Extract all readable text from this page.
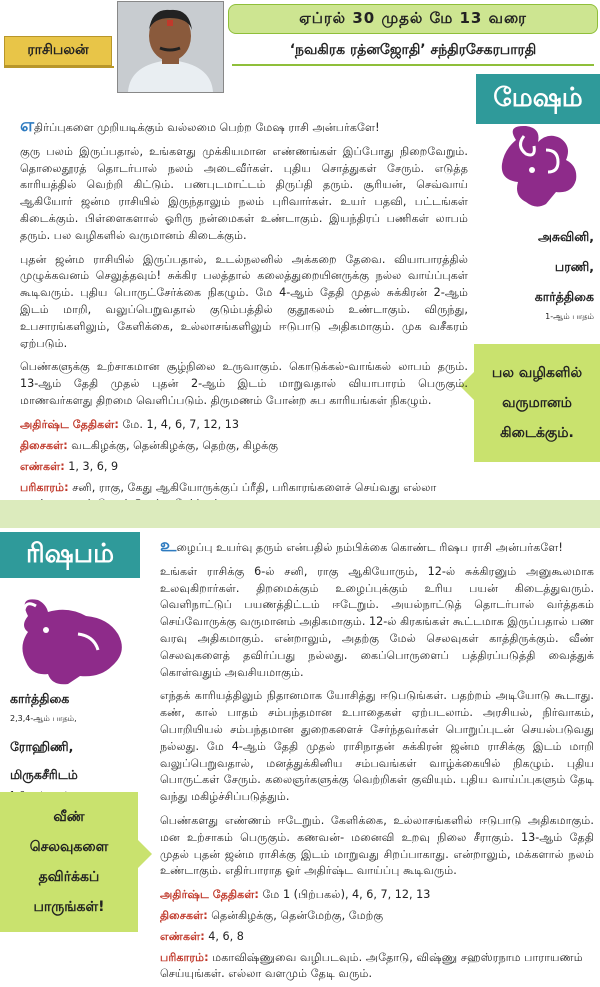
ஏப்ரல் 30 முதல் மே 13 வரை
ராசிபலன்	‘நவகிரக ரத்னஜோதி’ சந்திரசேகரபாரதி
மேஷம்
அசுவினி,
பரணி,
கார்த்திகை
1-ஆம் பாதம்
பல வழிகளில் வருமானம் கிடைக்கும்.

எதிர்ப்புகளை முறியடிக்கும் வல்லமை பெற்ற மேஷ ராசி அன்பர்களே!

குரு பலம் இருப்பதால், உங்களது முக்கியமான எண்ணங்கள் இப்போது நிறைவேறும். தொலைதூரத் தொடர்பால் நலம் அடைவீர்கள். புதிய சொத்துகள் சேரும். எடுத்த காரியத்தில் வெற்றி கிட்டும். பணபுடமாட்டம் திருப்தி தரும். சூரியன், செவ்வாய் ஆகியோர் ஜன்ம ராசியில் இருந்தாலும் நலம் புரிவார்கள். உயர் பதவி, பட்டங்கள் கிடைக்கும். பிள்ளைகளால் ஓரிரு நன்மைகள் உண்டாகும். இயந்திரப் பணிகள் லாபம் தரும். பல வழிகளில் வருமானம் கிடைக்கும்.

புதன் ஜன்ம ராசியில் இருப்பதால், உடல்நலனில் அக்கறை தேவை. வியாபாரத்தில் முழுக்கவனம் செலுத்தவும்! சுக்கிர பலத்தால் கலைத்துறையினருக்கு நல்ல வாய்ப்புகள் கூடிவரும். புதிய பொருட்சேர்க்கை நிகழும். மே 4-ஆம் தேதி முதல் சுக்கிரன் 2-ஆம் இடம் மாறி, வலுப்பெறுவதால் குடும்பத்தில் குதூகலம் உண்டாகும். விருந்து, உபசாரங்களிலும், கேளிக்கை, உல்லாசங்களிலும் ஈடுபாடு அதிகமாகும். முக வசீகரம் ஏற்படும்.

பெண்களுக்கு உற்சாகமான சூழ்நிலை உருவாகும். கொடுக்கல்-வாங்கல் லாபம் தரும். 13-ஆம் தேதி முதல் புதன் 2-ஆம் இடம் மாறுவதால் வியாபாரம் பெருகும். மாணவர்களது திறமை வெளிப்படும். திருமணம் போன்ற சுப காரியங்கள் நிகழும்.

அதிர்ஷ்ட தேதிகள்: மே. 1, 4, 6, 7, 12, 13
திசைகள்: வடகிழக்கு, தென்கிழக்கு, தெற்கு, கிழக்கு
எண்கள்: 1, 3, 6, 9
பரிகாரம்: சனி, ராகு, கேது ஆகியோருக்குப் ப்ரீதி, பரிகாரங்களைச் செய்வது எல்லா
ரிஷபம்
கார்த்திகை
2,3,4-ஆம் பாதம்,
ரோஹிணி,
மிருகசீரிடம்
வீண் செலவுகளை தவிர்க்கப் பாருங்கள்!

உழைப்பு உயர்வு தரும் என்பதில் நம்பிக்கை கொண்ட ரிஷப ராசி அன்பர்களே!

உங்கள் ராசிக்கு 6-ல் சனி, ராகு ஆகியோரும், 12-ல் சுக்கிரனும் அனுகூலமாக உலவுகிறார்கள். திறமைக்கும் உழைப்புக்கும் உரிய பயன் கிடைத்துவரும். வெளிநாட்டுப் பயணத்திட்டம் ஈடேறும். அயல்நாட்டுத் தொடர்பால் வர்த்தகம் செய்வோருக்கு வருமானம் அதிகமாகும். 12-ல் கிரகங்கள் கூட்டமாக இருப்பதால் பண வரவு அதிகமாகும். என்றாலும், அதற்கு மேல் செலவுகள் காத்திருக்கும். வீண் செலவுகளைத் தவிர்ப்பது நல்லது. கைப்பொருளைப் பத்திரப்படுத்தி வைத்துக் கொள்வதும் அவசியமாகும்.

எந்தக் காரியத்திலும் நிதானமாக யோசித்து ஈடுபடுங்கள். பதற்றம் அடியோடு கூடாது. கண், கால் பாதம் சம்பந்தமான உபாதைகள் ஏற்படலாம். அரசியல், நிர்வாகம், பொறியியல் சம்பந்தமான துறைகளைச் சேர்ந்தவர்கள் பொறுப்புடன் செயல்படுவது நல்லது. மே 4-ஆம் தேதி முதல் ராசிநாதன் சுக்கிரன் ஜன்ம ராசிக்கு இடம் மாறி வலுப்பெறுவதால், மனத்துக்கினிய சம்பவங்கள் வாழ்க்கையில் நிகழும். புதிய பொருட்கள் சேரும். கலைஞர்களுக்கு வெற்றிகள் குவியும். புதிய வாய்ப்புகளும் தேடி வந்து மகிழ்ச்சிப்படுத்தும்.

பெண்களது எண்ணம் ஈடேறும். கேளிக்கை, உல்லாசங்களில் ஈடுபாடு அதிகமாகும். மன உற்சாகம் பெருகும். கணவன்- மனைவி உறவு நிலை சீராகும். 13-ஆம் தேதி முதல் புதன் ஜன்ம ராசிக்கு இடம் மாறுவது சிறப்பாகாது. என்றாலும், மக்களால் நலம் உண்டாகும். எதிர்பாராத ஓர் அதிர்ஷ்ட வாய்ப்பு கூடிவரும்.

அதிர்ஷ்ட தேதிகள்: மே 1 (பிற்பகல்), 4, 6, 7, 12, 13
திசைகள்: தென்கிழக்கு, தென்மேற்கு, மேற்கு
எண்கள்: 4, 6, 8
பரிகாரம்: மகாவிஷ்ணுவை வழிபடவும். அதோடு, விஷ்ணு சஹஸ்ரநாம பாராயணம் செய்யுங்கள். எல்லா வளமும் தேடி வரும்.
